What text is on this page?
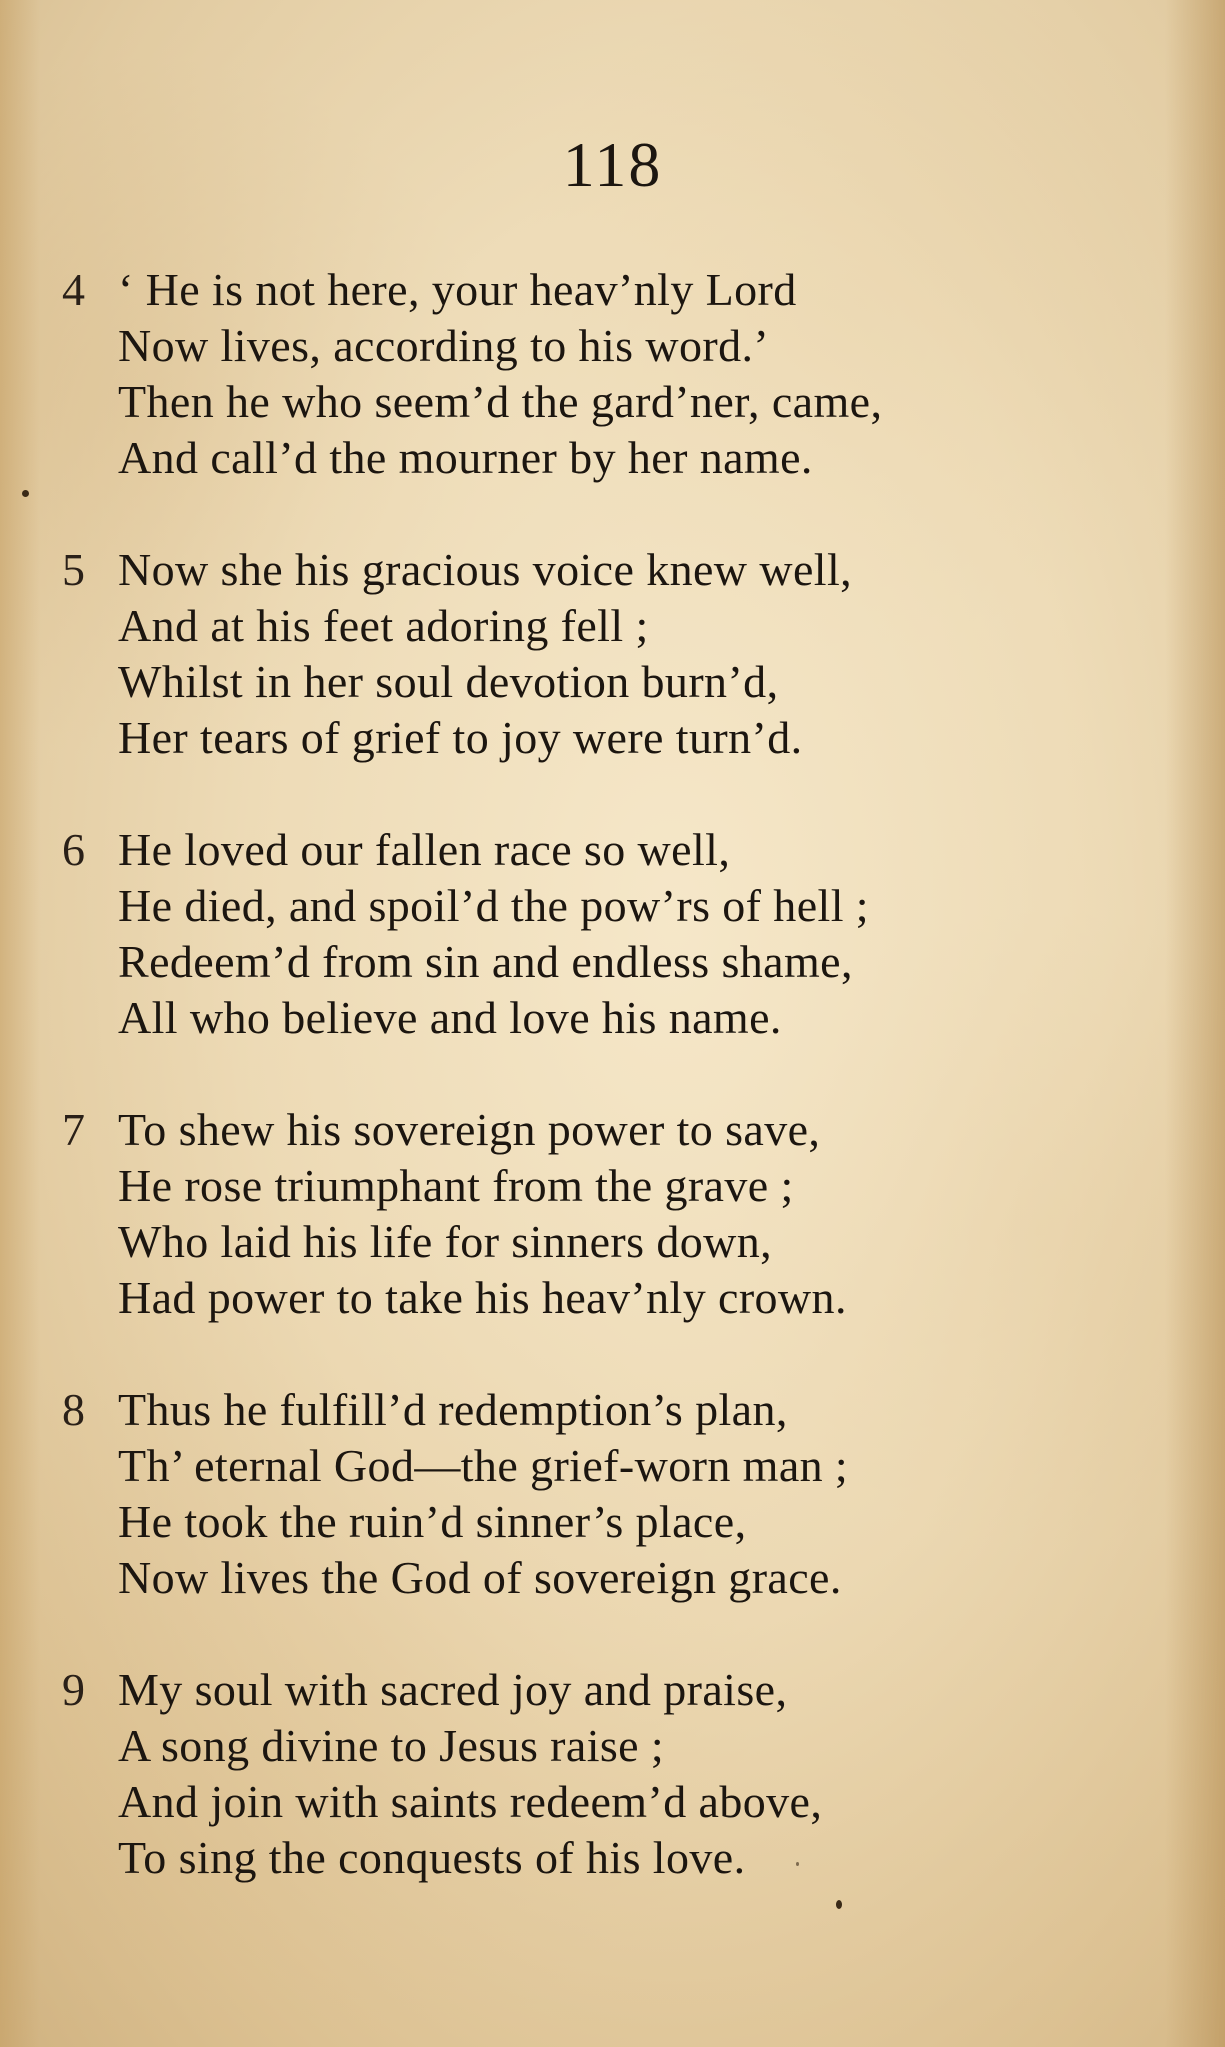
118
4 ‘ He is not here, your heav’nly Lord
Now lives, according to his word.’
Then he who seem’d the gard’ner, came,
And call’d the mourner by her name.
5 Now she his gracious voice knew well,
And at his feet adoring fell ;
Whilst in her soul devotion burn’d,
Her tears of grief to joy were turn’d.
6 He loved our fallen race so well,
He died, and spoil’d the pow’rs of hell ;
Redeem’d from sin and endless shame,
All who believe and love his name.
7 To shew his sovereign power to save,
He rose triumphant from the grave ;
Who laid his life for sinners down,
Had power to take his heav’nly crown.
8 Thus he fulfill’d redemption’s plan,
Th’ eternal God—the grief-worn man ;
He took the ruin’d sinner’s place,
Now lives the God of sovereign grace.
9 My soul with sacred joy and praise,
A song divine to Jesus raise ;
And join with saints redeem’d above,
To sing the conquests of his love.
